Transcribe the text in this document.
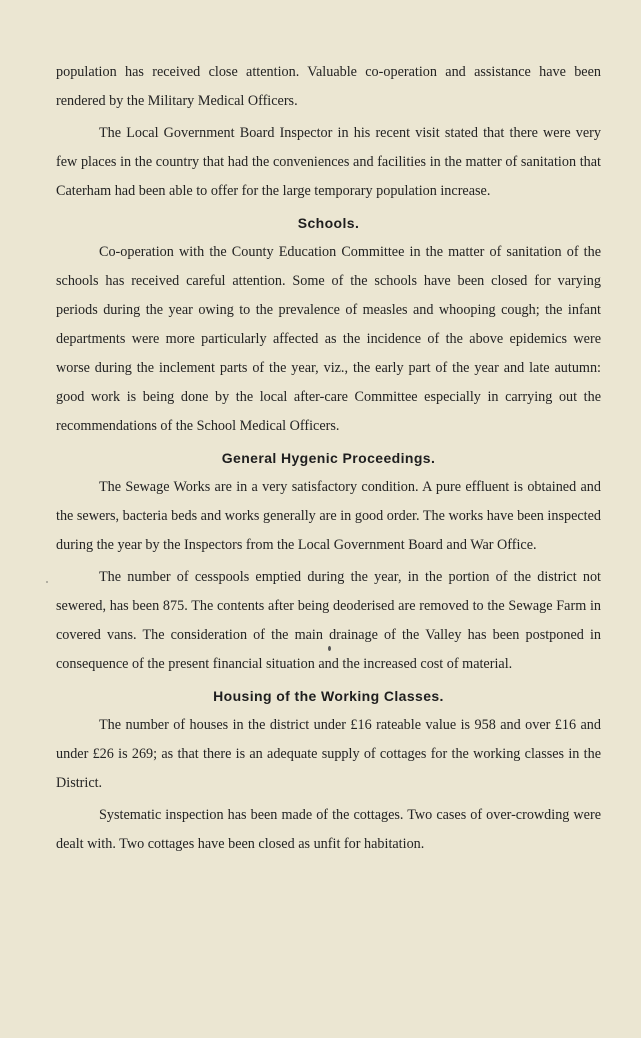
population has received close attention. Valuable co-operation and assistance have been rendered by the Military Medical Officers.

The Local Government Board Inspector in his recent visit stated that there were very few places in the country that had the conveniences and facilities in the matter of sanitation that Caterham had been able to offer for the large temporary population increase.

Schools.

Co-operation with the County Education Committee in the matter of sanitation of the schools has received careful attention. Some of the schools have been closed for varying periods during the year owing to the prevalence of measles and whooping cough; the infant departments were more particularly affected as the incidence of the above epidemics were worse during the inclement parts of the year, viz., the early part of the year and late autumn: good work is being done by the local after-care Committee especially in carrying out the recommendations of the School Medical Officers.

General Hygenic Proceedings.

The Sewage Works are in a very satisfactory condition. A pure effluent is obtained and the sewers, bacteria beds and works generally are in good order. The works have been inspected during the year by the Inspectors from the Local Government Board and War Office.

The number of cesspools emptied during the year, in the portion of the district not sewered, has been 875. The contents after being deoderised are removed to the Sewage Farm in covered vans. The consideration of the main drainage of the Valley has been postponed in consequence of the present financial situation and the increased cost of material.

Housing of the Working Classes.

The number of houses in the district under £16 rateable value is 958 and over £16 and under £26 is 269; as that there is an adequate supply of cottages for the working classes in the District.

Systematic inspection has been made of the cottages. Two cases of over-crowding were dealt with. Two cottages have been closed as unfit for habitation.
